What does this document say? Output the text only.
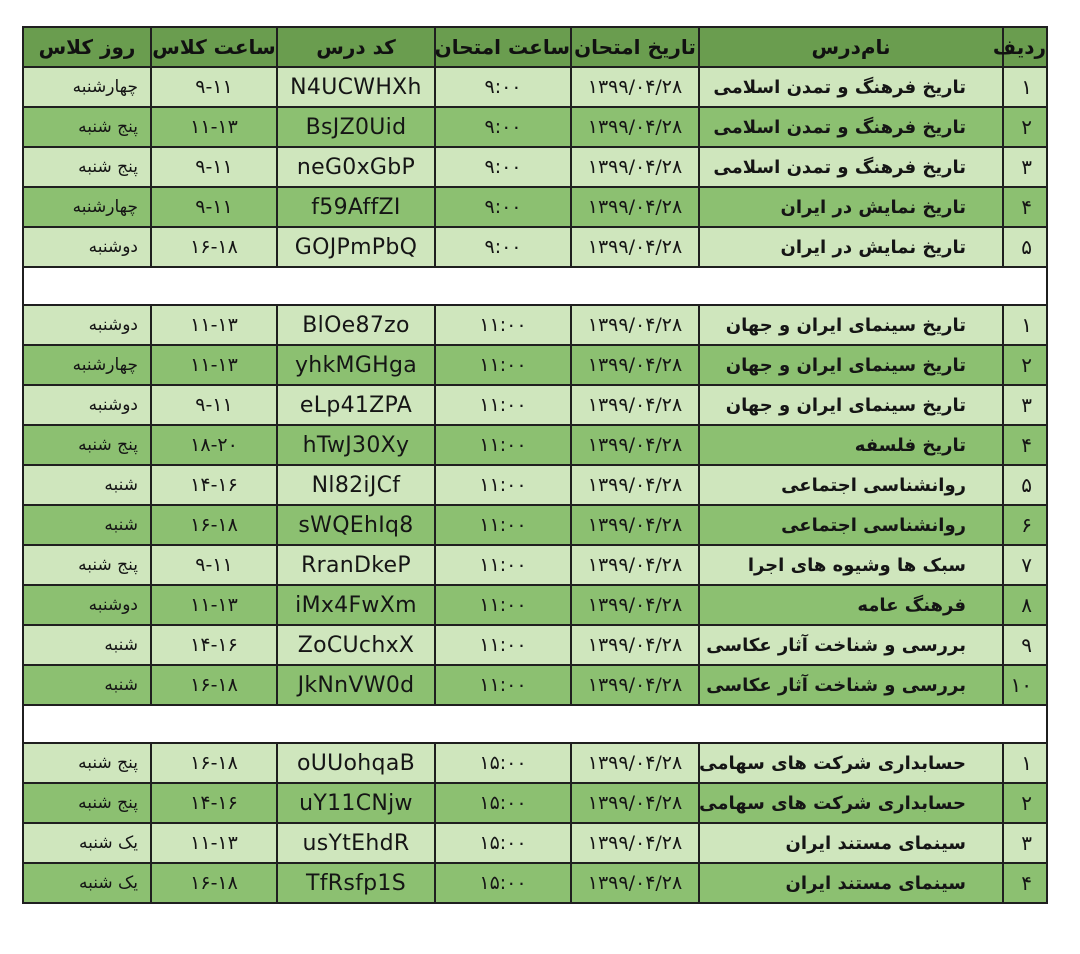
ردیف	نام‌درس	تاریخ امتحان	ساعت امتحان	کد درس	ساعت کلاس	روز کلاس
۱	تاریخ فرهنگ و تمدن اسلامی	۱۳۹۹/۰۴/۲۸	۹:۰۰	N4UCWHXh	۹-۱۱	چهارشنبه
۲	تاریخ فرهنگ و تمدن اسلامی	۱۳۹۹/۰۴/۲۸	۹:۰۰	BsJZ0Uid	۱۱-۱۳	پنج شنبه
۳	تاریخ فرهنگ و تمدن اسلامی	۱۳۹۹/۰۴/۲۸	۹:۰۰	neG0xGbP	۹-۱۱	پنج شنبه
۴	تاریخ نمایش در ایران	۱۳۹۹/۰۴/۲۸	۹:۰۰	f59AffZI	۹-۱۱	چهارشنبه
۵	تاریخ نمایش در ایران	۱۳۹۹/۰۴/۲۸	۹:۰۰	GOJPmPbQ	۱۶-۱۸	دوشنبه

۱	تاریخ سینمای ایران و جهان	۱۳۹۹/۰۴/۲۸	۱۱:۰۰	BlOe87zo	۱۱-۱۳	دوشنبه
۲	تاریخ سینمای ایران و جهان	۱۳۹۹/۰۴/۲۸	۱۱:۰۰	yhkMGHga	۱۱-۱۳	چهارشنبه
۳	تاریخ سینمای ایران و جهان	۱۳۹۹/۰۴/۲۸	۱۱:۰۰	eLp41ZPA	۹-۱۱	دوشنبه
۴	تاریخ فلسفه	۱۳۹۹/۰۴/۲۸	۱۱:۰۰	hTwJ30Xy	۱۸-۲۰	پنج شنبه
۵	روانشناسی اجتماعی	۱۳۹۹/۰۴/۲۸	۱۱:۰۰	Nl82iJCf	۱۴-۱۶	شنبه
۶	روانشناسی اجتماعی	۱۳۹۹/۰۴/۲۸	۱۱:۰۰	sWQEhIq8	۱۶-۱۸	شنبه
۷	سبک ها وشیوه های اجرا	۱۳۹۹/۰۴/۲۸	۱۱:۰۰	RranDkeP	۹-۱۱	پنج شنبه
۸	فرهنگ عامه	۱۳۹۹/۰۴/۲۸	۱۱:۰۰	iMx4FwXm	۱۱-۱۳	دوشنبه
۹	بررسی و شناخت آثار عکاسی	۱۳۹۹/۰۴/۲۸	۱۱:۰۰	ZoCUchxX	۱۴-۱۶	شنبه
۱۰	بررسی و شناخت آثار عکاسی	۱۳۹۹/۰۴/۲۸	۱۱:۰۰	JkNnVW0d	۱۶-۱۸	شنبه

۱	حسابداری شرکت های سهامی	۱۳۹۹/۰۴/۲۸	۱۵:۰۰	oUUohqaB	۱۶-۱۸	پنج شنبه
۲	حسابداری شرکت های سهامی	۱۳۹۹/۰۴/۲۸	۱۵:۰۰	uY11CNjw	۱۴-۱۶	پنج شنبه
۳	سینمای مستند ایران	۱۳۹۹/۰۴/۲۸	۱۵:۰۰	usYtEhdR	۱۱-۱۳	یک شنبه
۴	سینمای مستند ایران	۱۳۹۹/۰۴/۲۸	۱۵:۰۰	TfRsfp1S	۱۶-۱۸	یک شنبه
